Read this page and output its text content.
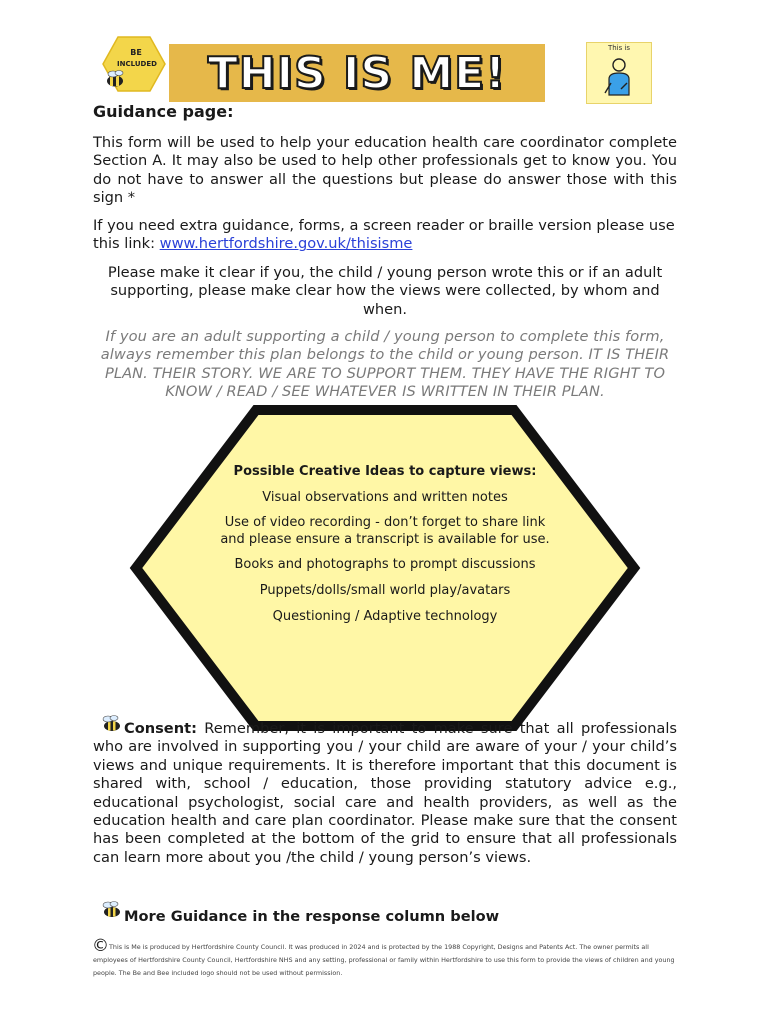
BE
INCLUDED THIS IS ME!	This is
Guidance page:
This form will be used to help your education health care coordinator complete Section A. It may also be used to help other professionals get to know you. You do not have to answer all the questions but please do answer those with this sign *
If you need extra guidance, forms, a screen reader or braille version please use this link: www.hertfordshire.gov.uk/thisisme
Please make it clear if you, the child / young person wrote this or if an adult supporting, please make clear how the views were collected, by whom and when.
If you are an adult supporting a child / young person to complete this form, always remember this plan belongs to the child or young person. IT IS THEIR PLAN. THEIR STORY. WE ARE TO SUPPORT THEM. THEY HAVE THE RIGHT TO KNOW / READ / SEE WHATEVER IS WRITTEN IN THEIR PLAN.
Possible Creative Ideas to capture views:
Visual observations and written notes
Use of video recording - don’t forget to share link and please ensure a transcript is available for use.
Books and photographs to prompt discussions
Puppets/dolls/small world play/avatars
Questioning / Adaptive technology
Consent: Remember, it is important to make sure that all professionals who are involved in supporting you / your child are aware of your / your child’s views and unique requirements. It is therefore important that this document is shared with, school / education, those providing statutory advice e.g., educational psychologist, social care and health providers, as well as the education health and care plan coordinator. Please make sure that the consent has been completed at the bottom of the grid to ensure that all professionals can learn more about you /the child / young person’s views.
More Guidance in the response column below
© This is Me is produced by Hertfordshire County Council. It was produced in 2024 and is protected by the 1988 Copyright, Designs and Patents Act. The owner permits all employees of Hertfordshire County Council, Hertfordshire NHS and any setting, professional or family within Hertfordshire to use this form to provide the views of children and young people. The Be and Bee included logo should not be used without permission.
